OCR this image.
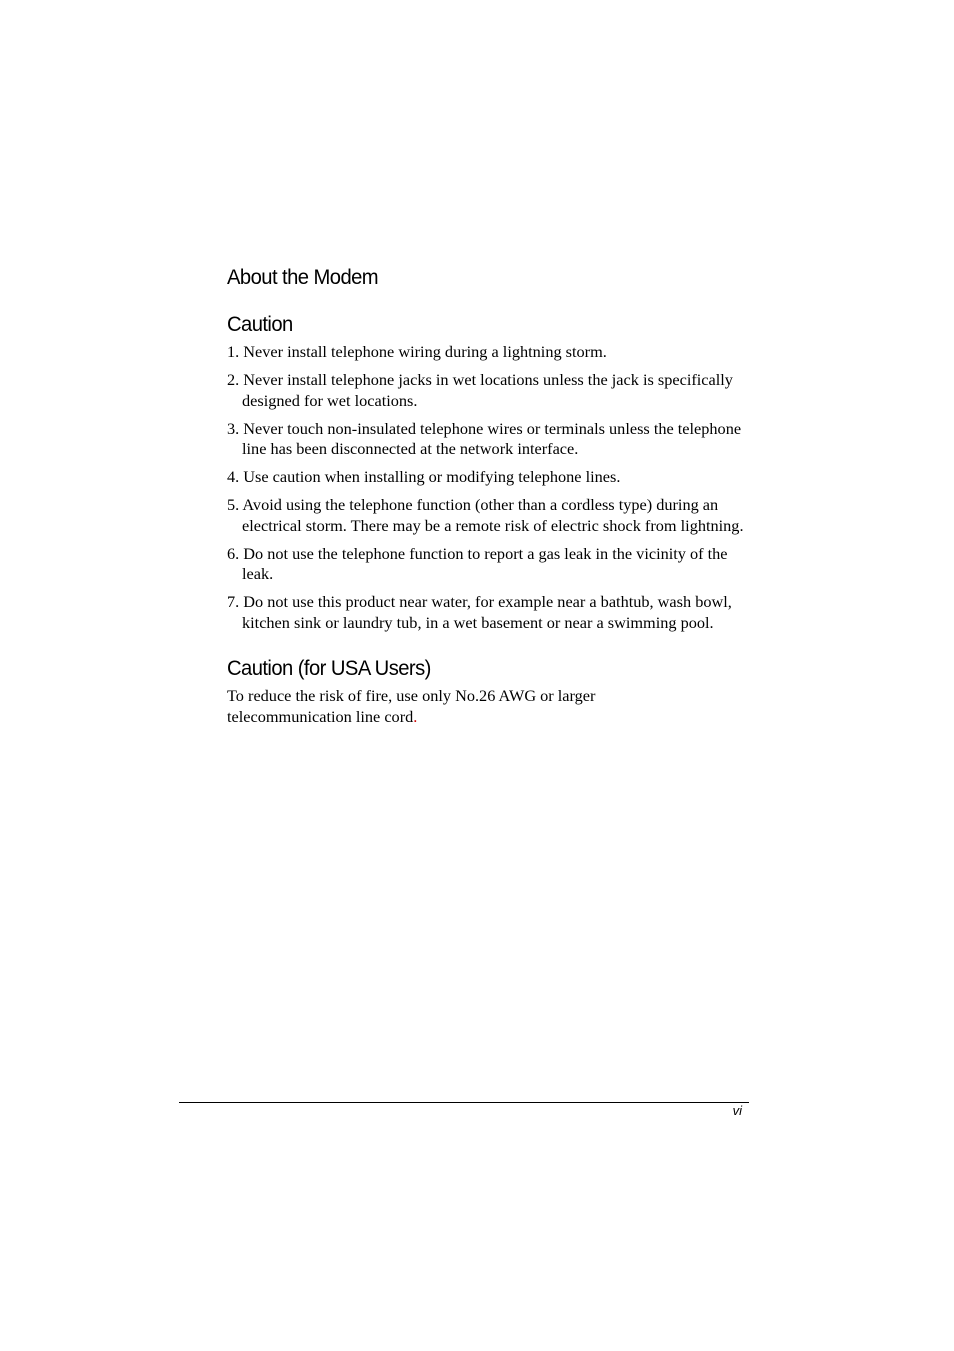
About the Modem
Caution
1. Never install telephone wiring during a lightning storm.
2. Never install telephone jacks in wet locations unless the jack is specifically designed for wet locations.
3. Never touch non-insulated telephone wires or terminals unless the telephone line has been disconnected at the network interface.
4. Use caution when installing or modifying telephone lines.
5. Avoid using the telephone function (other than a cordless type) during an electrical storm. There may be a remote risk of electric shock from lightning.
6. Do not use the telephone function to report a gas leak in the vicinity of the leak.
7. Do not use this product near water, for example near a bathtub, wash bowl, kitchen sink or laundry tub, in a wet basement or near a swimming pool.
Caution (for USA Users)

To reduce the risk of fire, use only No.26 AWG or larger telecommunication line cord.

vi
